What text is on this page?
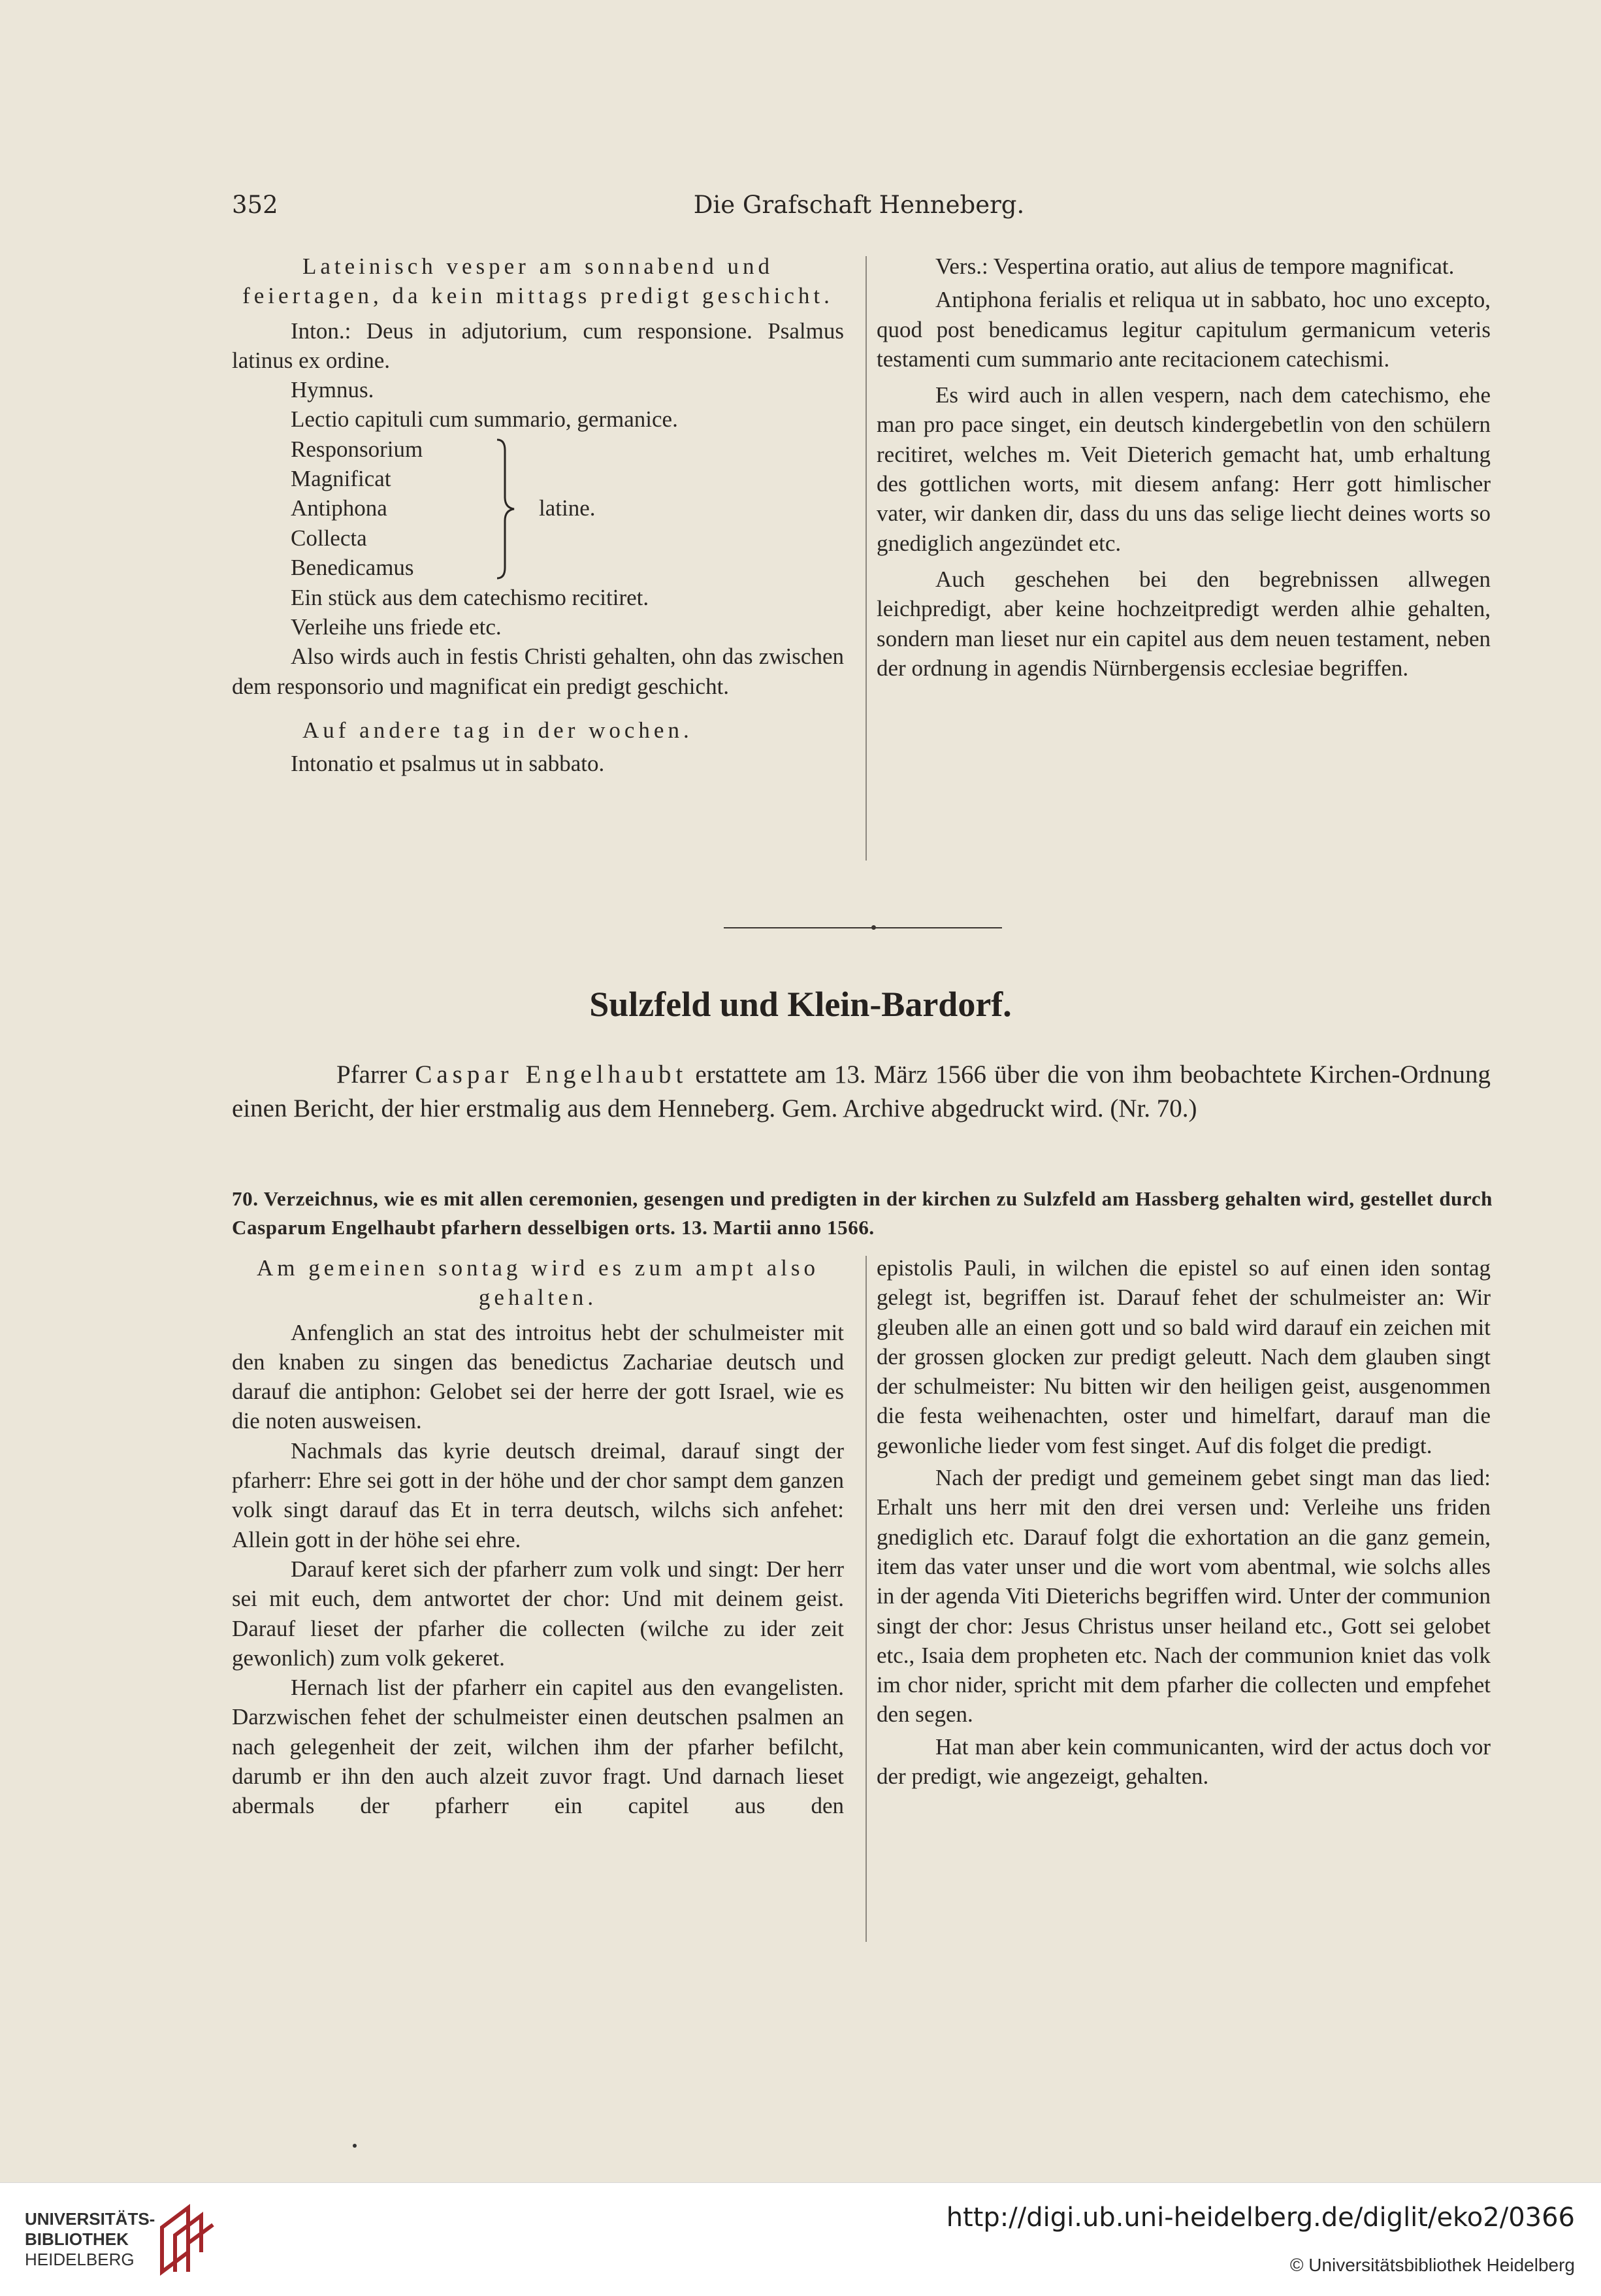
352	Die Grafschaft Henneberg.

Lateinisch vesper am sonnabend und feiertagen, da kein mittags predigt geschicht.

Inton.: Deus in adjutorium, cum responsione. Psalmus latinus ex ordine.

Hymnus.

Lectio capituli cum summario, germanice.

Responsorium
Magnificat
Antiphona
Collecta
Benedicamus
latine.

Ein stück aus dem catechismo recitiret.

Verleihe uns friede etc.

Also wirds auch in festis Christi gehalten, ohn das zwischen dem responsorio und magnificat ein predigt geschicht.

Auf andere tag in der wochen.

Intonatio et psalmus ut in sabbato.

Vers.: Vespertina oratio, aut alius de tempore magnificat.

Antiphona ferialis et reliqua ut in sabbato, hoc uno excepto, quod post benedicamus legitur capitulum germanicum veteris testamenti cum summario ante recitacionem catechismi.

Es wird auch in allen vespern, nach dem catechismo, ehe man pro pace singet, ein deutsch kindergebetlin von den schülern recitiret, welches m. Veit Dieterich gemacht hat, umb erhaltung des gottlichen worts, mit diesem anfang: Herr gott himlischer vater, wir danken dir, dass du uns das selige liecht deines worts so gnediglich angezündet etc.

Auch geschehen bei den begrebnissen allwegen leichpredigt, aber keine hochzeitpredigt werden alhie gehalten, sondern man lieset nur ein capitel aus dem neuen testament, neben der ordnung in agendis Nürnbergensis ecclesiae begriffen.

Sulzfeld und Klein-Bardorf.

Pfarrer Caspar Engelhaubt erstattete am 13. März 1566 über die von ihm beobachtete Kirchen-Ordnung einen Bericht, der hier erstmalig aus dem Henneberg. Gem. Archive abgedruckt wird. (Nr. 70.)

70. Verzeichnus, wie es mit allen ceremonien, gesengen und predigten in der kirchen zu Sulzfeld am Hassberg gehalten wird, gestellet durch Casparum Engelhaubt pfarhern desselbigen orts. 13. Martii anno 1566.

Am gemeinen sontag wird es zum ampt also gehalten.

Anfenglich an stat des introitus hebt der schulmeister mit den knaben zu singen das benedictus Zachariae deutsch und darauf die antiphon: Gelobet sei der herre der gott Israel, wie es die noten ausweisen.

Nachmals das kyrie deutsch dreimal, darauf singt der pfarherr: Ehre sei gott in der höhe und der chor sampt dem ganzen volk singt darauf das Et in terra deutsch, wilchs sich anfehet: Allein gott in der höhe sei ehre.

Darauf keret sich der pfarherr zum volk und singt: Der herr sei mit euch, dem antwortet der chor: Und mit deinem geist. Darauf lieset der pfarher die collecten (wilche zu ider zeit gewonlich) zum volk gekeret.

Hernach list der pfarherr ein capitel aus den evangelisten. Darzwischen fehet der schulmeister einen deutschen psalmen an nach gelegenheit der zeit, wilchen ihm der pfarher befilcht, darumb er ihn den auch alzeit zuvor fragt. Und darnach lieset abermals der pfarherr ein capitel aus den

epistolis Pauli, in wilchen die epistel so auf einen iden sontag gelegt ist, begriffen ist. Darauf fehet der schulmeister an: Wir gleuben alle an einen gott und so bald wird darauf ein zeichen mit der grossen glocken zur predigt geleutt. Nach dem glauben singt der schulmeister: Nu bitten wir den heiligen geist, ausgenommen die festa weihenachten, oster und himelfart, darauf man die gewonliche lieder vom fest singet. Auf dis folget die predigt.

Nach der predigt und gemeinem gebet singt man das lied: Erhalt uns herr mit den drei versen und: Verleihe uns friden gnediglich etc. Darauf folgt die exhortation an die ganz gemein, item das vater unser und die wort vom abentmal, wie solchs alles in der agenda Viti Dieterichs begriffen wird. Unter der communion singt der chor: Jesus Christus unser heiland etc., Gott sei gelobet etc., Isaia dem propheten etc. Nach der communion kniet das volk im chor nider, spricht mit dem pfarher die collecten und empfehet den segen.

Hat man aber kein communicanten, wird der actus doch vor der predigt, wie angezeigt, gehalten.

UNIVERSITÄTS-
BIBLIOTHEK
HEIDELBERG
http://digi.ub.uni-heidelberg.de/diglit/eko2/0366
© Universitätsbibliothek Heidelberg
